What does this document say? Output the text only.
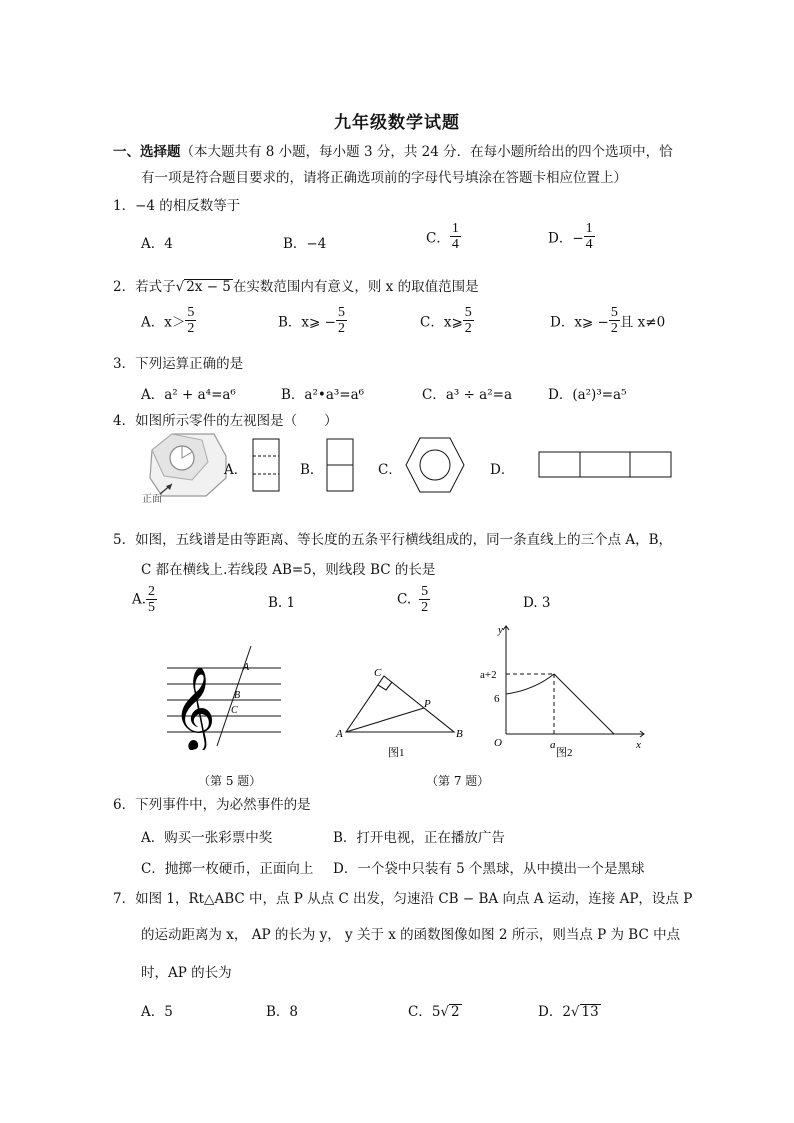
九年级数学试题
一、选择题（本大题共有 8 小题，每小题 3 分，共 24 分．在每小题所给出的四个选项中，恰
有一项是符合题目要求的，请将正确选项前的字母代号填涂在答题卡相应位置上）
1．−4 的相反数等于
A．4	B．−4	C． $\frac{1}{4}$	D．− $\frac{1}{4}$
2．若式子√ 2x − 5 在实数范围内有意义，则 x 的取值范围是
A．$x> \frac{5}{2}$	B．x⩾ − $\frac{5}{2}$	C．x⩾ $\frac{5}{2}$	D．x⩾ − $\frac{5}{2}$ 且 x≠0
3．下列运算正确的是
A．a² + a⁴=a⁶	B．a²•a³=a⁶	C．a³ ÷ a²=a	D．(a²)³=a⁵
4．如图所示零件的左视图是（　　）
正面
A．	B．	C．	D．
5．如图，五线谱是由等距离、等长度的五条平行横线组成的，同一条直线上的三个点 A，B，
C 都在横线上.若线段 AB=5，则线段 BC 的长是
A. $\frac{2}{5}$	B. 1	C. $\frac{5}{2}$	D. 3
𝄞
A
B
C
（第 5 题）
C
P
A	B
图1
y
x
O
a+2
6
a
图2
（第 7 题）
6．下列事件中，为必然事件的是
A．购买一张彩票中奖	B．打开电视，正在播放广告
C．抛掷一枚硬币，正面向上 D．一个袋中只装有 5 个黑球，从中摸出一个是黑球
7．如图 1，Rt△ABC 中，点 P 从点 C 出发，匀速沿 CB − BA 向点 A 运动，连接 AP，设点 P
的运动距离为 x， AP 的长为 y， y 关于 x 的函数图像如图 2 所示，则当点 P 为 BC 中点
时，AP 的长为
A．5	B．8	C．5√ 2	D．2√ 13
